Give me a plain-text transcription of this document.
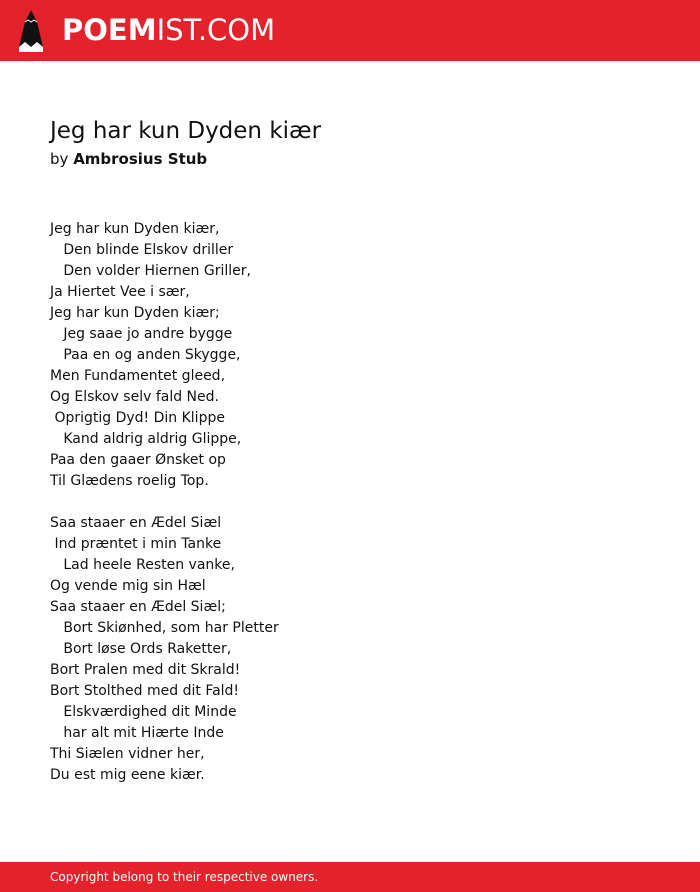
POEMIST.COM
Jeg har kun Dyden kiær
by Ambrosius Stub
Jeg har kun Dyden kiær,
Den blinde Elskov driller
Den volder Hiernen Griller,
Ja Hiertet Vee i sær,
Jeg har kun Dyden kiær;
Jeg saae jo andre bygge
Paa en og anden Skygge,
Men Fundamentet gleed,
Og Elskov selv fald Ned.
Oprigtig Dyd! Din Klippe
Kand aldrig aldrig Glippe,
Paa den gaaer Ønsket op
Til Glædens roelig Top.
Saa staaer en Ædel Siæl
Ind præntet i min Tanke
Lad heele Resten vanke,
Og vende mig sin Hæl
Saa staaer en Ædel Siæl;
Bort Skiønhed, som har Pletter
Bort løse Ords Raketter,
Bort Pralen med dit Skrald!
Bort Stolthed med dit Fald!
Elskværdighed dit Minde
har alt mit Hiærte Inde
Thi Siælen vidner her,
Du est mig eene kiær.
Copyright belong to their respective owners.
